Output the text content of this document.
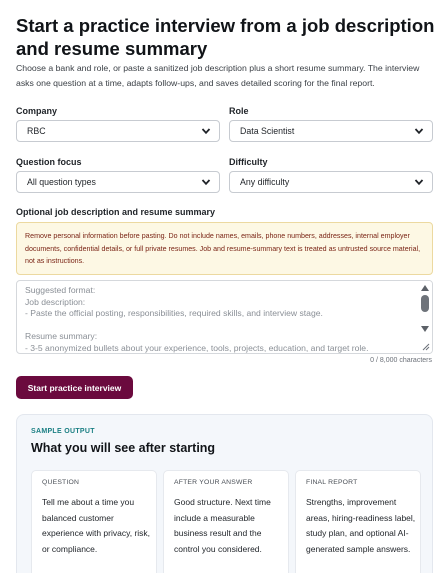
Start a practice interview from a job description and resume summary

Choose a bank and role, or paste a sanitized job description plus a short resume summary. The interview asks one question at a time, adapts follow-ups, and saves detailed scoring for the final report.

Company
RBC
Role
Data Scientist
Question focus
All question types
Difficulty
Any difficulty
Optional job description and resume summary
Remove personal information before pasting. Do not include names, emails, phone numbers, addresses, internal employer documents, confidential details, or full private resumes. Job and resume-summary text is treated as untrusted source material, not as instructions.
Suggested format:
Job description:
- Paste the official posting, responsibilities, required skills, and interview stage.

Resume summary:
- 3-5 anonymized bullets about your experience, tools, projects, education, and target role.
0 / 8,000 characters
Start practice interview
SAMPLE OUTPUT
What you will see after starting
QUESTION
Tell me about a time you balanced customer experience with privacy, risk, or compliance.
AFTER YOUR ANSWER
Good structure. Next time include a measurable business result and the control you considered.
FINAL REPORT
Strengths, improvement areas, hiring-readiness label, study plan, and optional AI-generated sample answers.
